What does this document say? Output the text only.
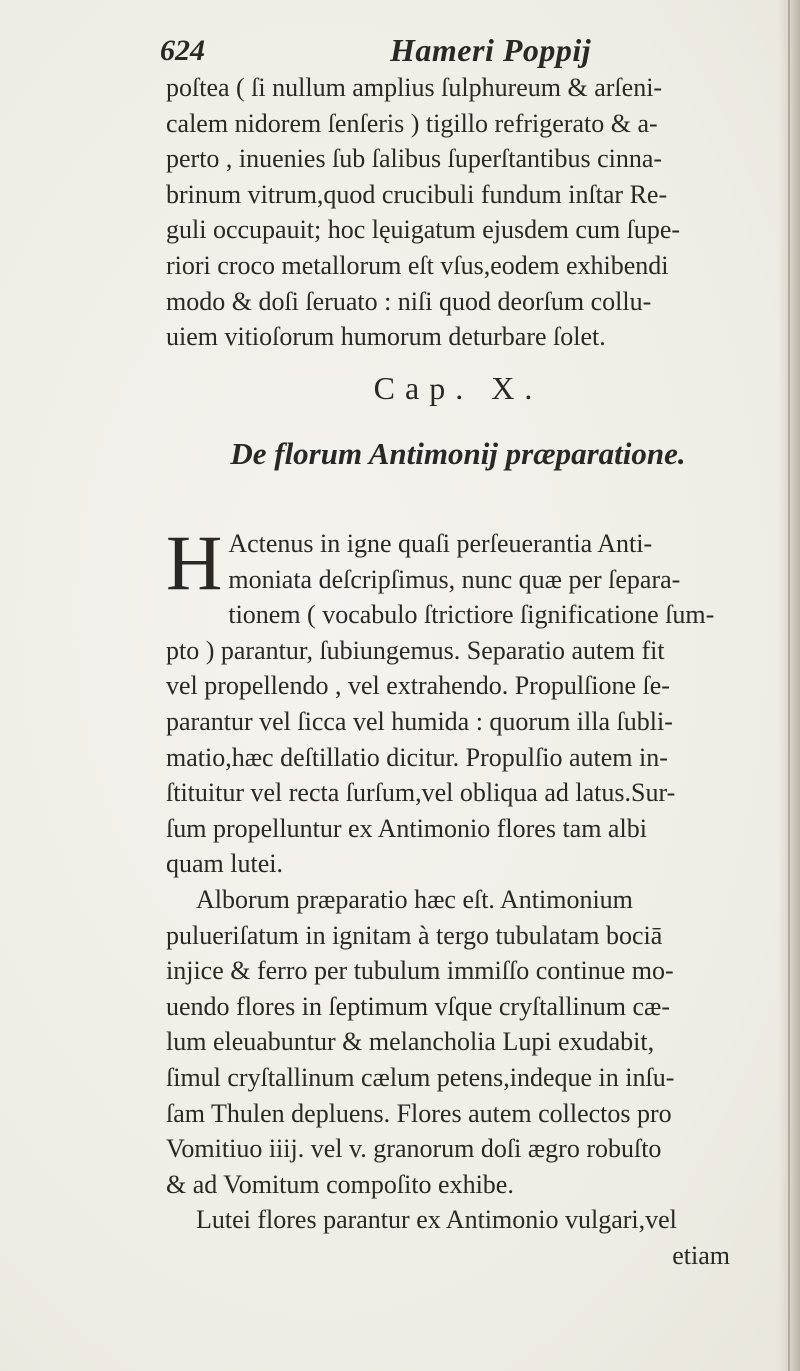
624	Hameri Poppij
poſtea ( ſi nullum amplius ſulphureum & arſeni-
calem nidorem ſenſeris ) tigillo refrigerato & a-
perto , inuenies ſub ſalibus ſuperſtantibus cinna-
brinum vitrum,quod crucibuli fundum inſtar Re-
guli occupauit; hoc lęuigatum ejusdem cum ſupe-
riori croco metallorum eſt vſus,eodem exhibendi
modo & doſi ſeruato : niſi quod deorſum collu-
uiem vitioſorum humorum deturbare ſolet.
Cap. X.
De florum Antimonij præparatione.
H Actenus in igne quaſi perſeuerantia Anti-
moniata deſcripſimus, nunc quæ per ſepara-
tionem ( vocabulo ſtrictiore ſignificatione ſum-
pto ) parantur, ſubiungemus. Separatio autem fit
vel propellendo , vel extrahendo. Propulſione ſe-
parantur vel ſicca vel humida : quorum illa ſubli-
matio,hæc deſtillatio dicitur. Propulſio autem in-
ſtituitur vel recta ſurſum,vel obliqua ad latus.Sur-
ſum propelluntur ex Antimonio flores tam albi
quam lutei.
Alborum præparatio hæc eſt. Antimonium
pulueriſatum in ignitam à tergo tubulatam bociā
injice & ferro per tubulum immiſſo continue mo-
uendo flores in ſeptimum vſque cryſtallinum cæ-
lum eleuabuntur & melancholia Lupi exudabit,
ſimul cryſtallinum cælum petens,indeque in inſu-
ſam Thulen depluens. Flores autem collectos pro
Vomitiuo iiij. vel v. granorum doſi ægro robuſto
& ad Vomitum compoſito exhibe.
Lutei flores parantur ex Antimonio vulgari,vel
etiam
